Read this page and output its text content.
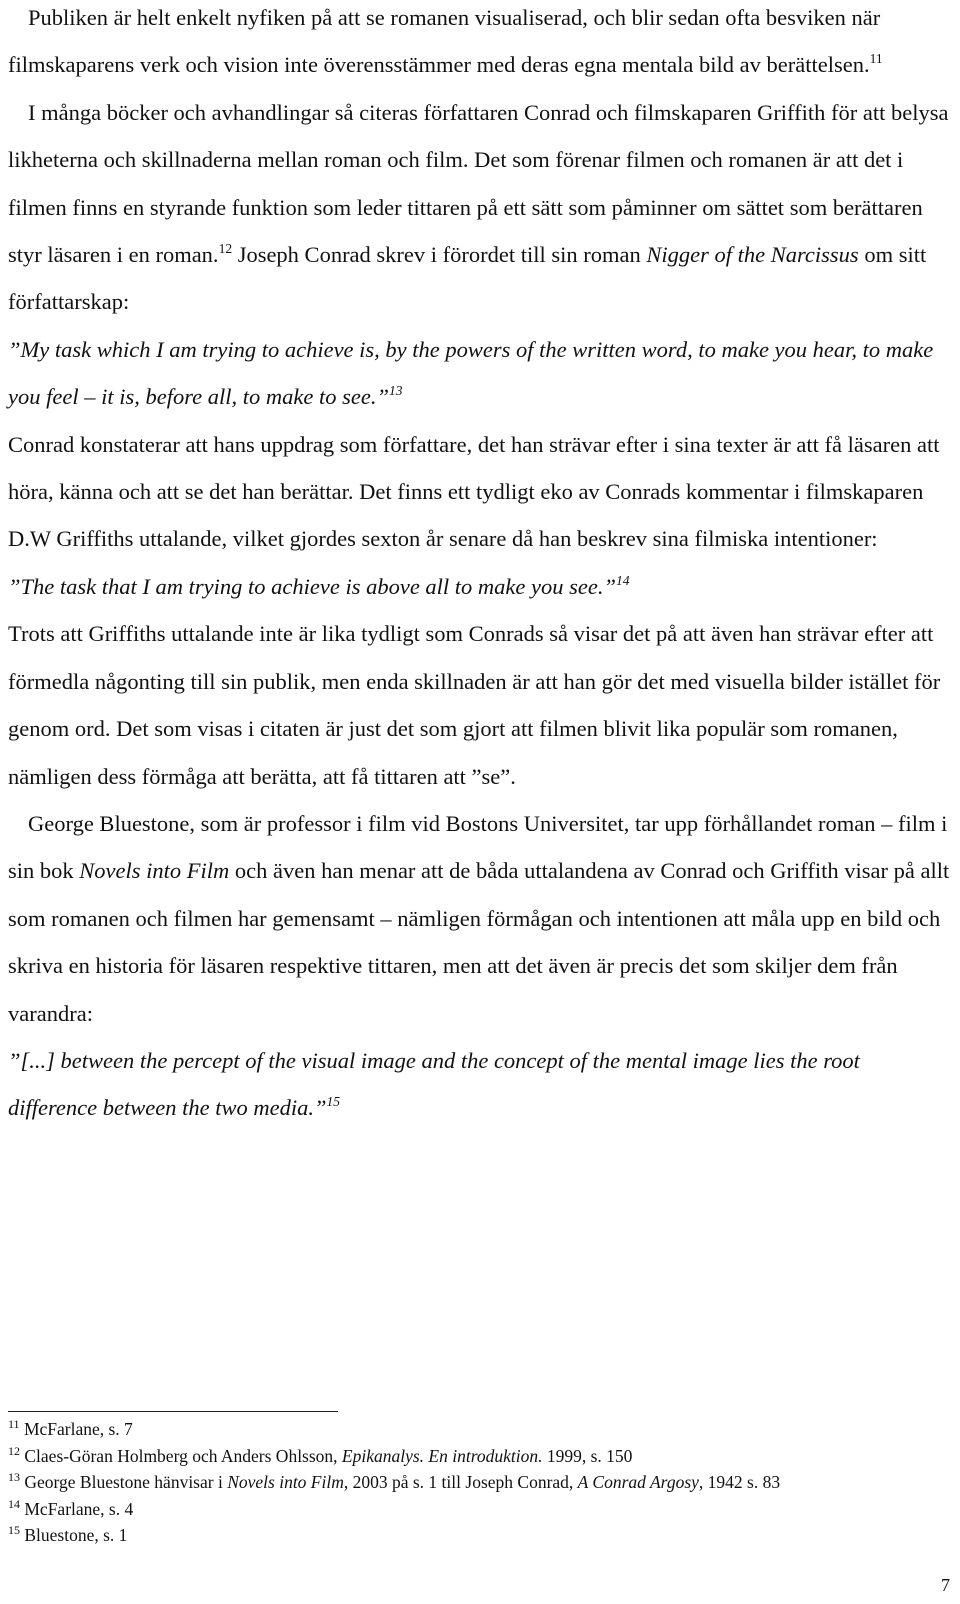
Publiken är helt enkelt nyfiken på att se romanen visualiserad, och blir sedan ofta besviken när filmskaparens verk och vision inte överensstämmer med deras egna mentala bild av berättelsen.$^{11}$

I många böcker och avhandlingar så citeras författaren Conrad och filmskaparen Griffith för att belysa likheterna och skillnaderna mellan roman och film. Det som förenar filmen och romanen är att det i filmen finns en styrande funktion som leder tittaren på ett sätt som påminner om sättet som berättaren styr läsaren i en roman.$^{12}$ Joseph Conrad skrev i förordet till sin roman Nigger of the Narcissus om sitt författarskap:

”My task which I am trying to achieve is, by the powers of the written word, to make you hear, to make you feel – it is, before all, to make to see.”$^{13}$

Conrad konstaterar att hans uppdrag som författare, det han strävar efter i sina texter är att få läsaren att höra, känna och att se det han berättar. Det finns ett tydligt eko av Conrads kommentar i filmskaparen D.W Griffiths uttalande, vilket gjordes sexton år senare då han beskrev sina filmiska intentioner:

”The task that I am trying to achieve is above all to make you see.”$^{14}$

Trots att Griffiths uttalande inte är lika tydligt som Conrads så visar det på att även han strävar efter att förmedla någonting till sin publik, men enda skillnaden är att han gör det med visuella bilder istället för genom ord. Det som visas i citaten är just det som gjort att filmen blivit lika populär som romanen, nämligen dess förmåga att berätta, att få tittaren att ”se”.

George Bluestone, som är professor i film vid Bostons Universitet, tar upp förhållandet roman – film i sin bok Novels into Film och även han menar att de båda uttalandena av Conrad och Griffith visar på allt som romanen och filmen har gemensamt – nämligen förmågan och intentionen att måla upp en bild och skriva en historia för läsaren respektive tittaren, men att det även är precis det som skiljer dem från varandra:

”[...] between the percept of the visual image and the concept of the mental image lies the root difference between the two media.”$^{15}$

$^{11}$ McFarlane, s. 7

$^{12}$ Claes-Göran Holmberg och Anders Ohlsson, Epikanalys. En introduktion. 1999, s. 150

$^{13}$ George Bluestone hänvisar i Novels into Film, 2003 på s. 1 till Joseph Conrad, A Conrad Argosy, 1942 s. 83

$^{14}$ McFarlane, s. 4

$^{15}$ Bluestone, s. 1

7
